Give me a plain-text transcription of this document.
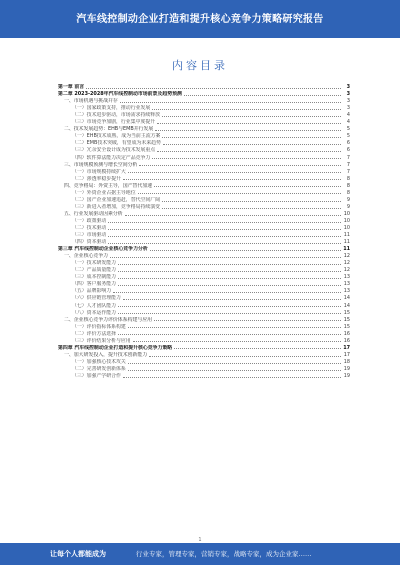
汽车线控制动企业打造和提升核心竞争力策略研究报告
内容目录
第一章 前言	3
第二章 2023-2028年汽车线控制动市场前景及趋势预测	3
一、市场机遇与挑战并存	3
（一）国家政策支持，推动行业发展	3
（二）技术进步驱动，市场需求持续释放	4
（三）市场竞争加剧，行业集中度提升	4
二、技术发展趋势：EHB与EMB并行发展	5
（一）EHB技术成熟，成为当前主流方案	5
（二）EMB技术突破，有望成为未来趋势	6
（三）冗余安全设计成为技术发展重点	6
（四）软件算法能力决定产品竞争力	7
三、市场规模预测与增长空间分析	7
（一）市场规模持续扩大	7
（二）渗透率稳步提升	8
四、竞争格局：外资主导，国产替代加速	8
（一）外资企业占据主导地位	8
（二）国产企业加速追赶，替代空间广阔	9
（三）新进入者增加，竞争格局持续演变	9
五、行业发展驱动因素分析	10
（一）政策驱动	10
（二）技术驱动	10
（三）市场驱动	11
（四）资本驱动	11
第三章 汽车线控制动企业核心竞争力分析	11
一、企业核心竞争力	12
（一）技术研发能力	12
（二）产品质量能力	12
（三）成本控制能力	13
（四）客户服务能力	13
（五）品牌影响力	13
（六）供应链管理能力	14
（七）人才团队能力	14
（八）资本运作能力	15
二、企业核心竞争力评价体系构建与应用	15
（一）评价指标体系构建	15
（二）评价方法选择	16
（三）评价结果分析与应用	16
第四章 汽车线控制动企业打造和提升核心竞争力策略	17
一、加大研发投入，提升技术创新能力	17
（一）加强核心技术攻关	18
（二）完善研发创新体系	19
（三）加强产学研合作	19
1
让每个人都能成为	行业专家，管理专家，营销专家，战略专家，成为企业家……
